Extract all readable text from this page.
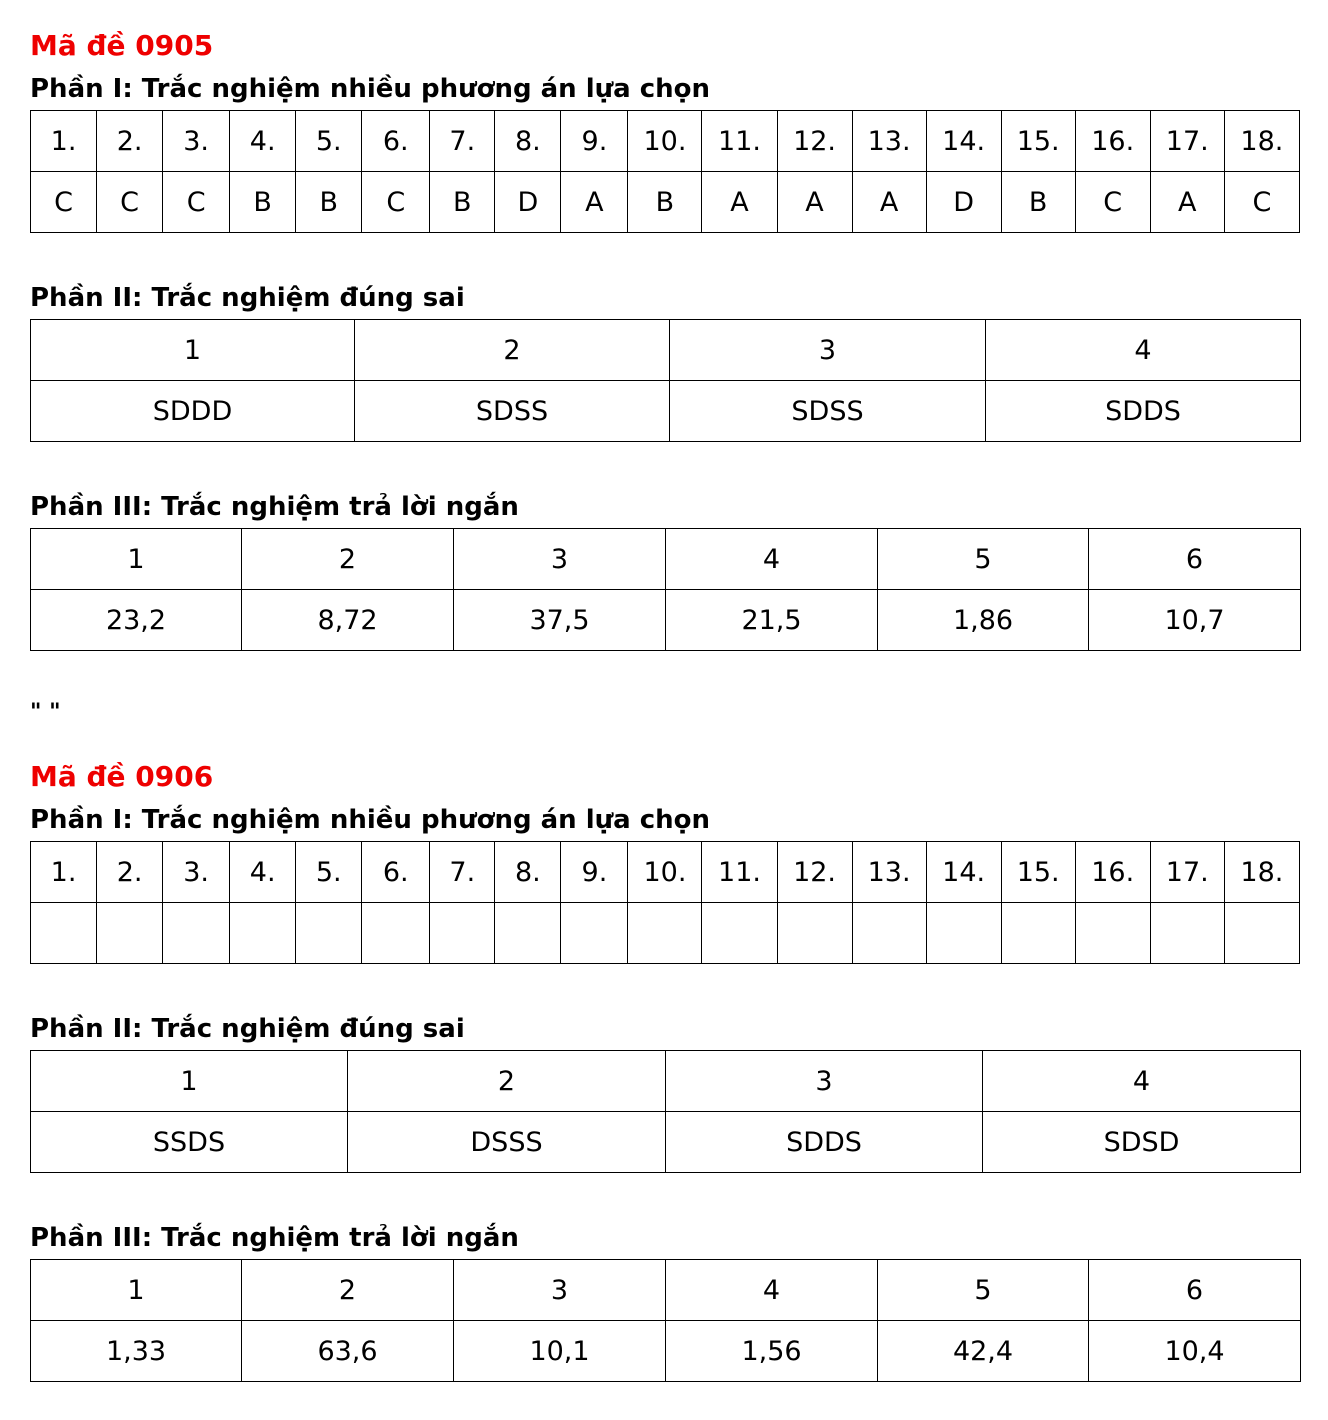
Mã đề 0905
Phần I: Trắc nghiệm nhiều phương án lựa chọn
1.	2.	3.	4.	5.	6.	7.	8.	9.	10.	11.	12.	13.	14.	15.	16.	17.	18.
C	C	C	B	B	C	B	D	A	B	A	A	A	D	B	C	A	C
Phần II: Trắc nghiệm đúng sai
1	2	3	4
SDDD	SDSS	SDSS	SDDS
Phần III: Trắc nghiệm trả lời ngắn
1	2	3	4	5	6
23,2	8,72	37,5	21,5	1,86	10,7
" "
Mã đề 0906
Phần I: Trắc nghiệm nhiều phương án lựa chọn
1.	2.	3.	4.	5.	6.	7.	8.	9.	10.	11.	12.	13.	14.	15.	16.	17.	18.

Phần II: Trắc nghiệm đúng sai
1	2	3	4
SSDS	DSSS	SDDS	SDSD
Phần III: Trắc nghiệm trả lời ngắn
1	2	3	4	5	6
1,33	63,6	10,1	1,56	42,4	10,4
